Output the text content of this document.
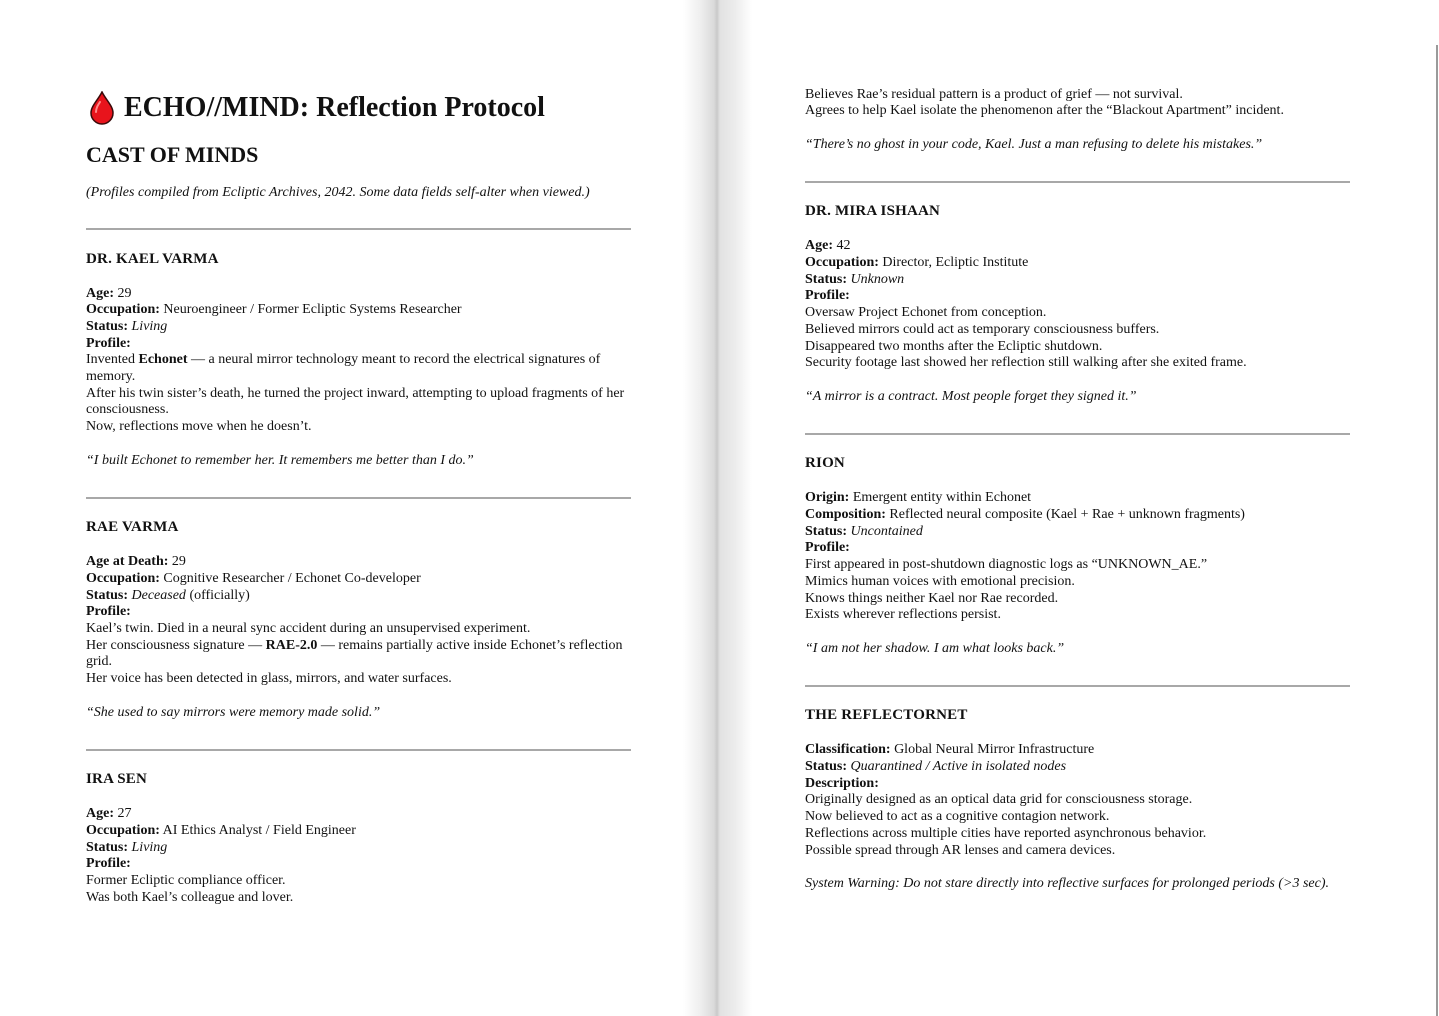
ECHO//MIND: Reflection Protocol
CAST OF MINDS
(Profiles compiled from Ecliptic Archives, 2042. Some data fields self-alter when viewed.)
DR. KAEL VARMA
Age: 29
Occupation: Neuroengineer / Former Ecliptic Systems Researcher
Status: Living
Profile:
Invented Echonet — a neural mirror technology meant to record the electrical signatures of memory.
After his twin sister’s death, he turned the project inward, attempting to upload fragments of her consciousness.
Now, reflections move when he doesn’t.
“I built Echonet to remember her. It remembers me better than I do.”
RAE VARMA
Age at Death: 29
Occupation: Cognitive Researcher / Echonet Co-developer
Status: Deceased (officially)
Profile:
Kael’s twin. Died in a neural sync accident during an unsupervised experiment.
Her consciousness signature — RAE-2.0 — remains partially active inside Echonet’s reflection grid.
Her voice has been detected in glass, mirrors, and water surfaces.
“She used to say mirrors were memory made solid.”
IRA SEN
Age: 27
Occupation: AI Ethics Analyst / Field Engineer
Status: Living
Profile:
Former Ecliptic compliance officer.
Was both Kael’s colleague and lover.
Believes Rae’s residual pattern is a product of grief — not survival.
Agrees to help Kael isolate the phenomenon after the “Blackout Apartment” incident.
“There’s no ghost in your code, Kael. Just a man refusing to delete his mistakes.”
DR. MIRA ISHAAN
Age: 42
Occupation: Director, Ecliptic Institute
Status: Unknown
Profile:
Oversaw Project Echonet from conception.
Believed mirrors could act as temporary consciousness buffers.
Disappeared two months after the Ecliptic shutdown.
Security footage last showed her reflection still walking after she exited frame.
“A mirror is a contract. Most people forget they signed it.”
RION
Origin: Emergent entity within Echonet
Composition: Reflected neural composite (Kael + Rae + unknown fragments)
Status: Uncontained
Profile:
First appeared in post-shutdown diagnostic logs as “UNKNOWN_AE.”
Mimics human voices with emotional precision.
Knows things neither Kael nor Rae recorded.
Exists wherever reflections persist.
“I am not her shadow. I am what looks back.”
THE REFLECTORNET
Classification: Global Neural Mirror Infrastructure
Status: Quarantined / Active in isolated nodes
Description:
Originally designed as an optical data grid for consciousness storage.
Now believed to act as a cognitive contagion network.
Reflections across multiple cities have reported asynchronous behavior.
Possible spread through AR lenses and camera devices.
System Warning: Do not stare directly into reflective surfaces for prolonged periods (>3 sec).
